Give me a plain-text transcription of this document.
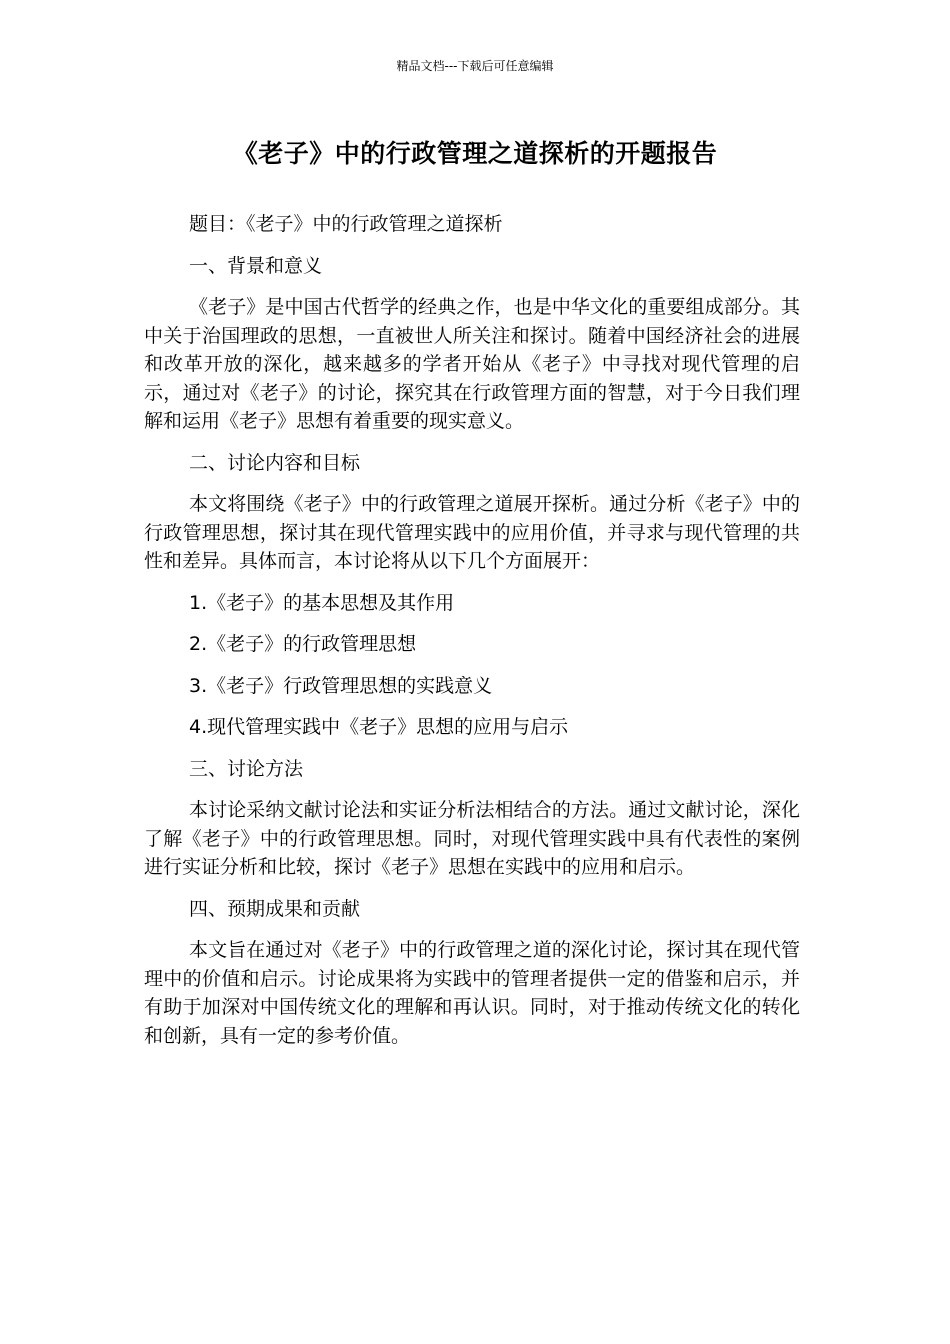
精品文档---下载后可任意编辑
《老子》中的行政管理之道探析的开题报告

题目：《老子》中的行政管理之道探析

一、背景和意义

《老子》是中国古代哲学的经典之作，也是中华文化的重要组成部分。其中关于治国理政的思想，一直被世人所关注和探讨。随着中国经济社会的进展和改革开放的深化，越来越多的学者开始从《老子》中寻找对现代管理的启示，通过对《老子》的讨论，探究其在行政管理方面的智慧，对于今日我们理解和运用《老子》思想有着重要的现实意义。

二、讨论内容和目标

本文将围绕《老子》中的行政管理之道展开探析。通过分析《老子》中的行政管理思想，探讨其在现代管理实践中的应用价值，并寻求与现代管理的共性和差异。具体而言，本讨论将从以下几个方面展开：

1.《老子》的基本思想及其作用

2.《老子》的行政管理思想

3.《老子》行政管理思想的实践意义

4.现代管理实践中《老子》思想的应用与启示

三、讨论方法

本讨论采纳文献讨论法和实证分析法相结合的方法。通过文献讨论，深化了解《老子》中的行政管理思想。同时，对现代管理实践中具有代表性的案例进行实证分析和比较，探讨《老子》思想在实践中的应用和启示。

四、预期成果和贡献

本文旨在通过对《老子》中的行政管理之道的深化讨论，探讨其在现代管理中的价值和启示。讨论成果将为实践中的管理者提供一定的借鉴和启示，并有助于加深对中国传统文化的理解和再认识。同时，对于推动传统文化的转化和创新，具有一定的参考价值。
